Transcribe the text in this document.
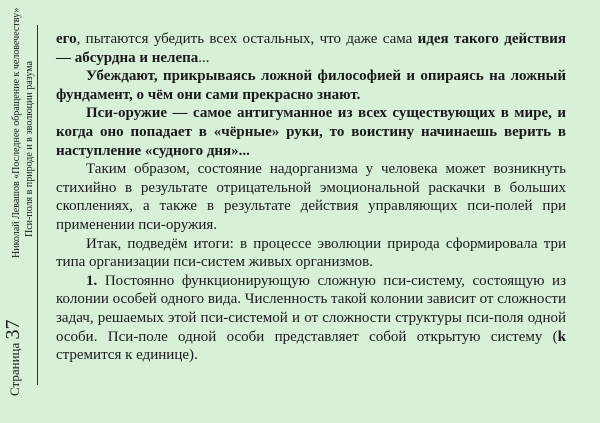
Страница 37
Николай Левашов «Последнее обращение к человечеству» Пси-поля в природе и в эволюции разума

его, пытаются убедить всех остальных, что даже сама идея такого действия — абсурдна и нелепа...

Убеждают, прикрываясь ложной философией и опираясь на ложный фундамент, о чём они сами прекрасно знают.

Пси-оружие — самое антигуманное из всех существующих в мире, и когда оно попадает в «чёрные» руки, то воистину начинаешь верить в наступление «судного дня»...

Таким образом, состояние надорганизма у человека может возникнуть стихийно в результате отрицательной эмоциональной раскачки в больших скоплениях, а также в результате действия управляющих пси-полей при применении пси-оружия.

Итак, подведём итоги: в процессе эволюции природа сформировала три типа организации пси-систем живых организмов.

1. Постоянно функционирующую сложную пси-систему, состоящую из колонии особей одного вида. Численность такой колонии зависит от сложности задач, решаемых этой пси-системой и от сложности структуры пси-поля одной особи. Пси-поле одной особи представляет собой открытую систему (k стремится к единице).
